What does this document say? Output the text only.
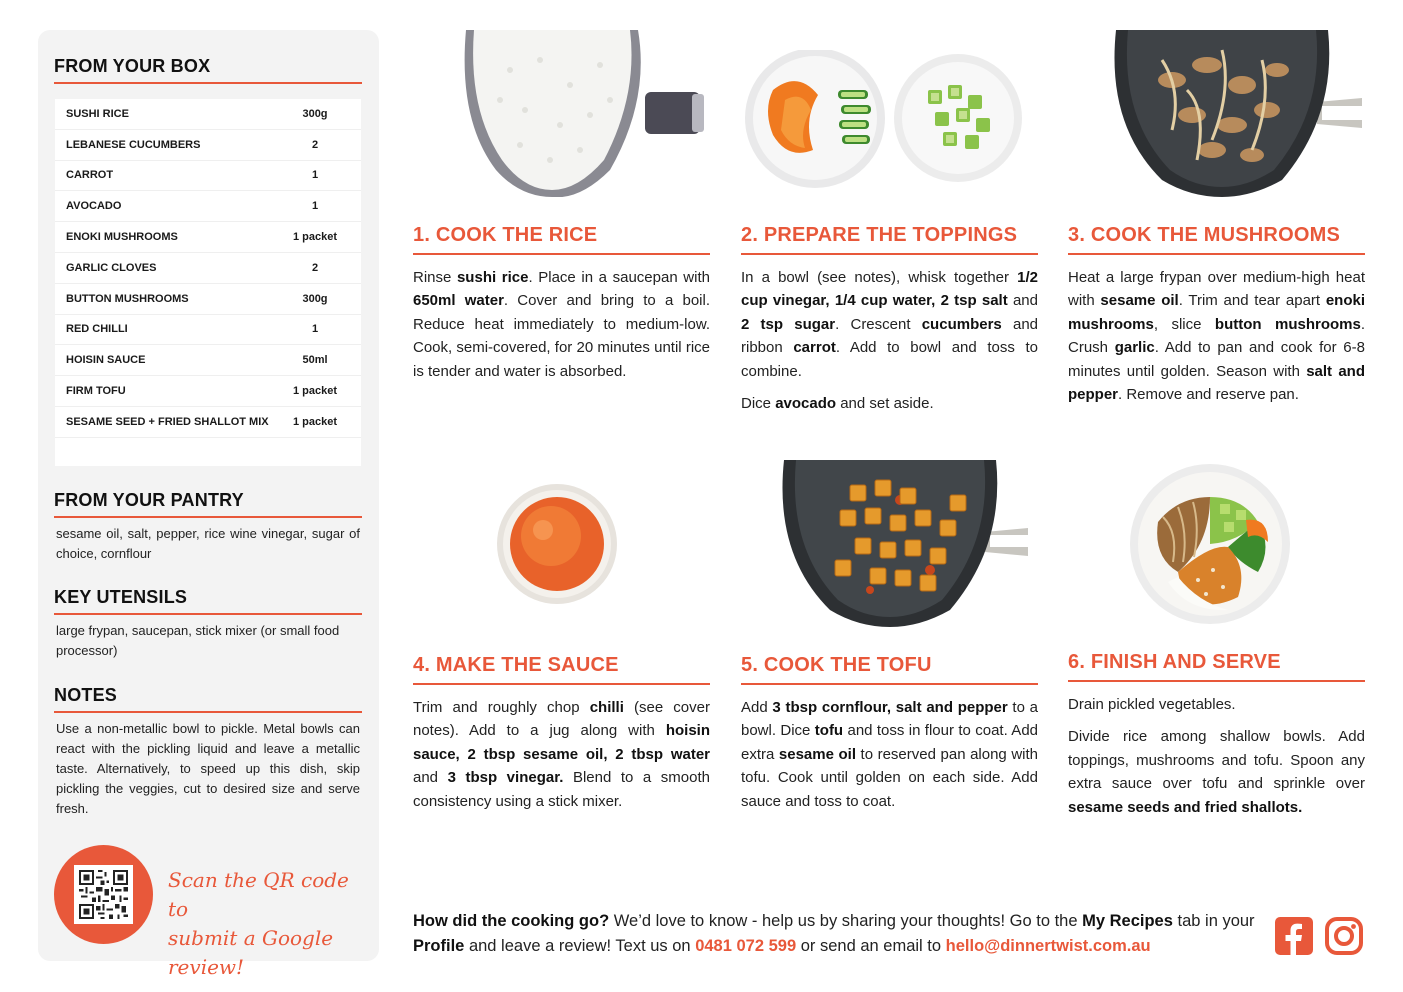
FROM YOUR BOX
SUSHI RICE	300g
LEBANESE CUCUMBERS	2
CARROT	1
AVOCADO	1
ENOKI MUSHROOMS	1 packet
GARLIC CLOVES	2
BUTTON MUSHROOMS	300g
RED CHILLI	1
HOISIN SAUCE	50ml
FIRM TOFU	1 packet
SESAME SEED + FRIED SHALLOT MIX	1 packet
FROM YOUR PANTRY
sesame oil, salt, pepper, rice wine vinegar, sugar of choice, cornflour
KEY UTENSILS
large frypan, saucepan, stick mixer (or small food processor)
NOTES
Use a non-metallic bowl to pickle. Metal bowls can react with the pickling liquid and leave a metallic taste. Alternatively, to speed up this dish, skip pickling the veggies, cut to desired size and serve fresh.
Scan the QR code to
submit a Google review!
1. COOK THE RICE

Rinse sushi rice. Place in a saucepan with 650ml water. Cover and bring to a boil. Reduce heat immediately to medium-low. Cook, semi-covered, for 20 minutes until rice is tender and water is absorbed.

2. PREPARE THE TOPPINGS

In a bowl (see notes), whisk together 1/2 cup vinegar, 1/4 cup water, 2 tsp salt and 2 tsp sugar. Crescent cucumbers and ribbon carrot. Add to bowl and toss to combine.

Dice avocado and set aside.

3. COOK THE MUSHROOMS

Heat a large frypan over medium-high heat with sesame oil. Trim and tear apart enoki mushrooms, slice button mushrooms. Crush garlic. Add to pan and cook for 6-8 minutes until golden. Season with salt and pepper. Remove and reserve pan.

4. MAKE THE SAUCE

Trim and roughly chop chilli (see cover notes). Add to a jug along with hoisin sauce, 2 tbsp sesame oil, 2 tbsp water and 3 tbsp vinegar. Blend to a smooth consistency using a stick mixer.

5. COOK THE TOFU

Add 3 tbsp cornflour, salt and pepper to a bowl. Dice tofu and toss in flour to coat. Add extra sesame oil to reserved pan along with tofu. Cook until golden on each side. Add sauce and toss to coat.

6. FINISH AND SERVE

Drain pickled vegetables.

Divide rice among shallow bowls. Add toppings, mushrooms and tofu. Spoon any extra sauce over tofu and sprinkle over sesame seeds and fried shallots.

How did the cooking go? We’d love to know - help us by sharing your thoughts! Go to the My Recipes tab in your Profile and leave a review! Text us on 0481 072 599 or send an email to hello@dinnertwist.com.au
